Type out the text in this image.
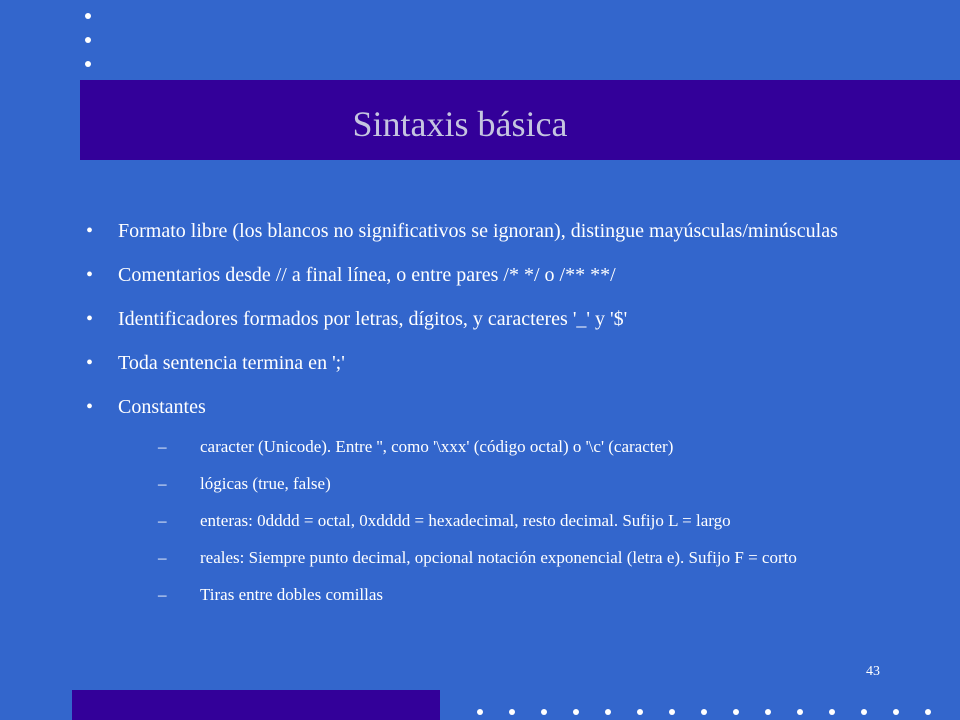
Sintaxis básica
• Formato libre (los blancos no significativos se ignoran), distingue mayúsculas/minúsculas
• Comentarios desde // a final línea, o entre pares /* */ o /** **/
• Identificadores formados por letras, dígitos, y caracteres '_' y '$'
• Toda sentencia termina en ';'
• Constantes
– caracter (Unicode). Entre '', como '\xxx' (código octal) o '\c' (caracter)
– lógicas (true, false)
– enteras: 0dddd = octal, 0xdddd = hexadecimal, resto decimal. Sufijo L = largo
– reales: Siempre punto decimal, opcional notación exponencial (letra e). Sufijo F = corto
– Tiras entre dobles comillas
43
